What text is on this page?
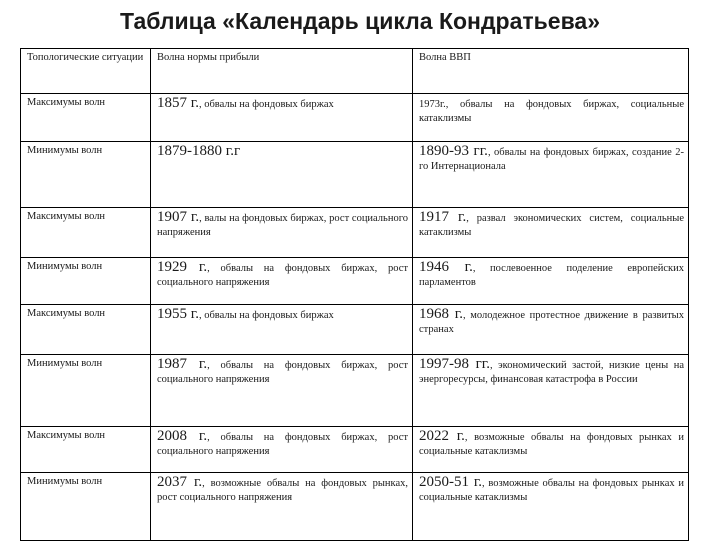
Таблица «Календарь цикла Кондратьева»
Топологические ситуации	Волна нормы прибыли	Волна ВВП
Максимумы волн	1857 г., обвалы на фондовых биржах	1973г., обвалы на фондовых биржах, социальные катаклизмы
Минимумы волн	1879-1880 г.г	1890-93 гг., обвалы на фондовых биржах, создание 2-го Интернационала
Максимумы волн	1907 г., валы на фондовых биржах, рост социального напряжения	1917 г., развал экономических систем, социальные катаклизмы
Минимумы волн	1929 г., обвалы на фондовых биржах, рост социального напряжения	1946 г., послевоенное поделение европейских парламентов
Максимумы волн	1955 г., обвалы на фондовых биржах	1968 г., молодежное протестное движение в развитых странах
Минимумы волн	1987 г., обвалы на фондовых биржах, рост социального напряжения	1997-98 гг., экономический застой, низкие цены на энергоресурсы, финансовая катастрофа в России
Максимумы волн	2008 г., обвалы на фондовых биржах, рост социального напряжения	2022 г., возможные обвалы на фондовых рынках и социальные катаклизмы
Минимумы волн	2037 г., возможные обвалы на фондовых рынках, рост социального напряжения	2050-51 г., возможные обвалы на фондовых рынках и социальные катаклизмы
